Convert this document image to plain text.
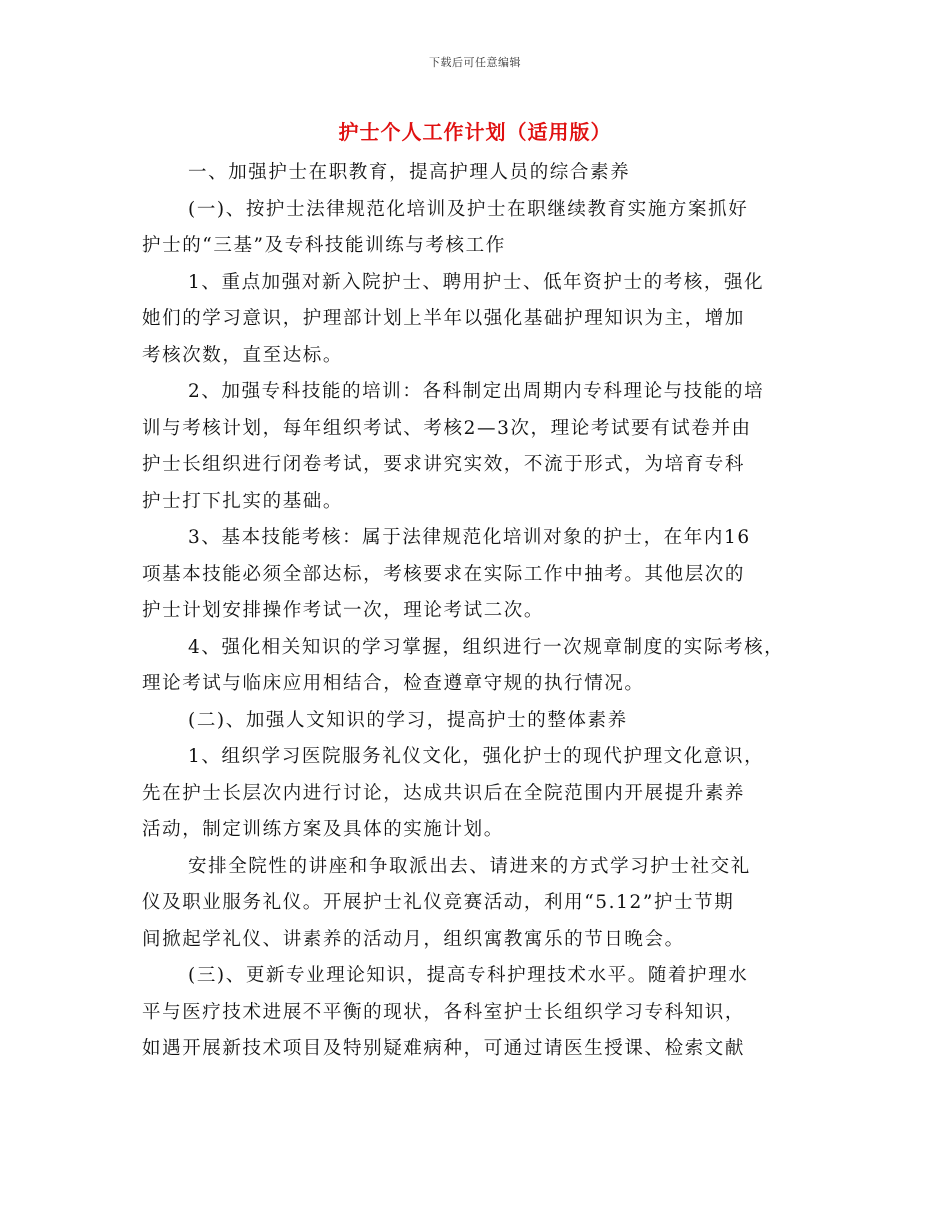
下载后可任意编辑
护士个人工作计划（适用版）

一、加强护士在职教育，提高护理人员的综合素养

(一)、按护士法律规范化培训及护士在职继续教育实施方案抓好
护士的“三基”及专科技能训练与考核工作

1、重点加强对新入院护士、聘用护士、低年资护士的考核，强化
她们的学习意识，护理部计划上半年以强化基础护理知识为主，增加
考核次数，直至达标。

2、加强专科技能的培训：各科制定出周期内专科理论与技能的培
训与考核计划，每年组织考试、考核2—3次，理论考试要有试卷并由
护士长组织进行闭卷考试，要求讲究实效，不流于形式，为培育专科
护士打下扎实的基础。

3、基本技能考核：属于法律规范化培训对象的护士，在年内16
项基本技能必须全部达标，考核要求在实际工作中抽考。其他层次的
护士计划安排操作考试一次，理论考试二次。

4、强化相关知识的学习掌握，组织进行一次规章制度的实际考核，
理论考试与临床应用相结合，检查遵章守规的执行情况。

(二)、加强人文知识的学习，提高护士的整体素养

1、组织学习医院服务礼仪文化，强化护士的现代护理文化意识，
先在护士长层次内进行讨论，达成共识后在全院范围内开展提升素养
活动，制定训练方案及具体的实施计划。

安排全院性的讲座和争取派出去、请进来的方式学习护士社交礼
仪及职业服务礼仪。开展护士礼仪竞赛活动，利用“5.12”护士节期
间掀起学礼仪、讲素养的活动月，组织寓教寓乐的节日晚会。

(三)、更新专业理论知识，提高专科护理技术水平。随着护理水
平与医疗技术进展不平衡的现状，各科室护士长组织学习专科知识，
如遇开展新技术项目及特别疑难病种，可通过请医生授课、检索文献
